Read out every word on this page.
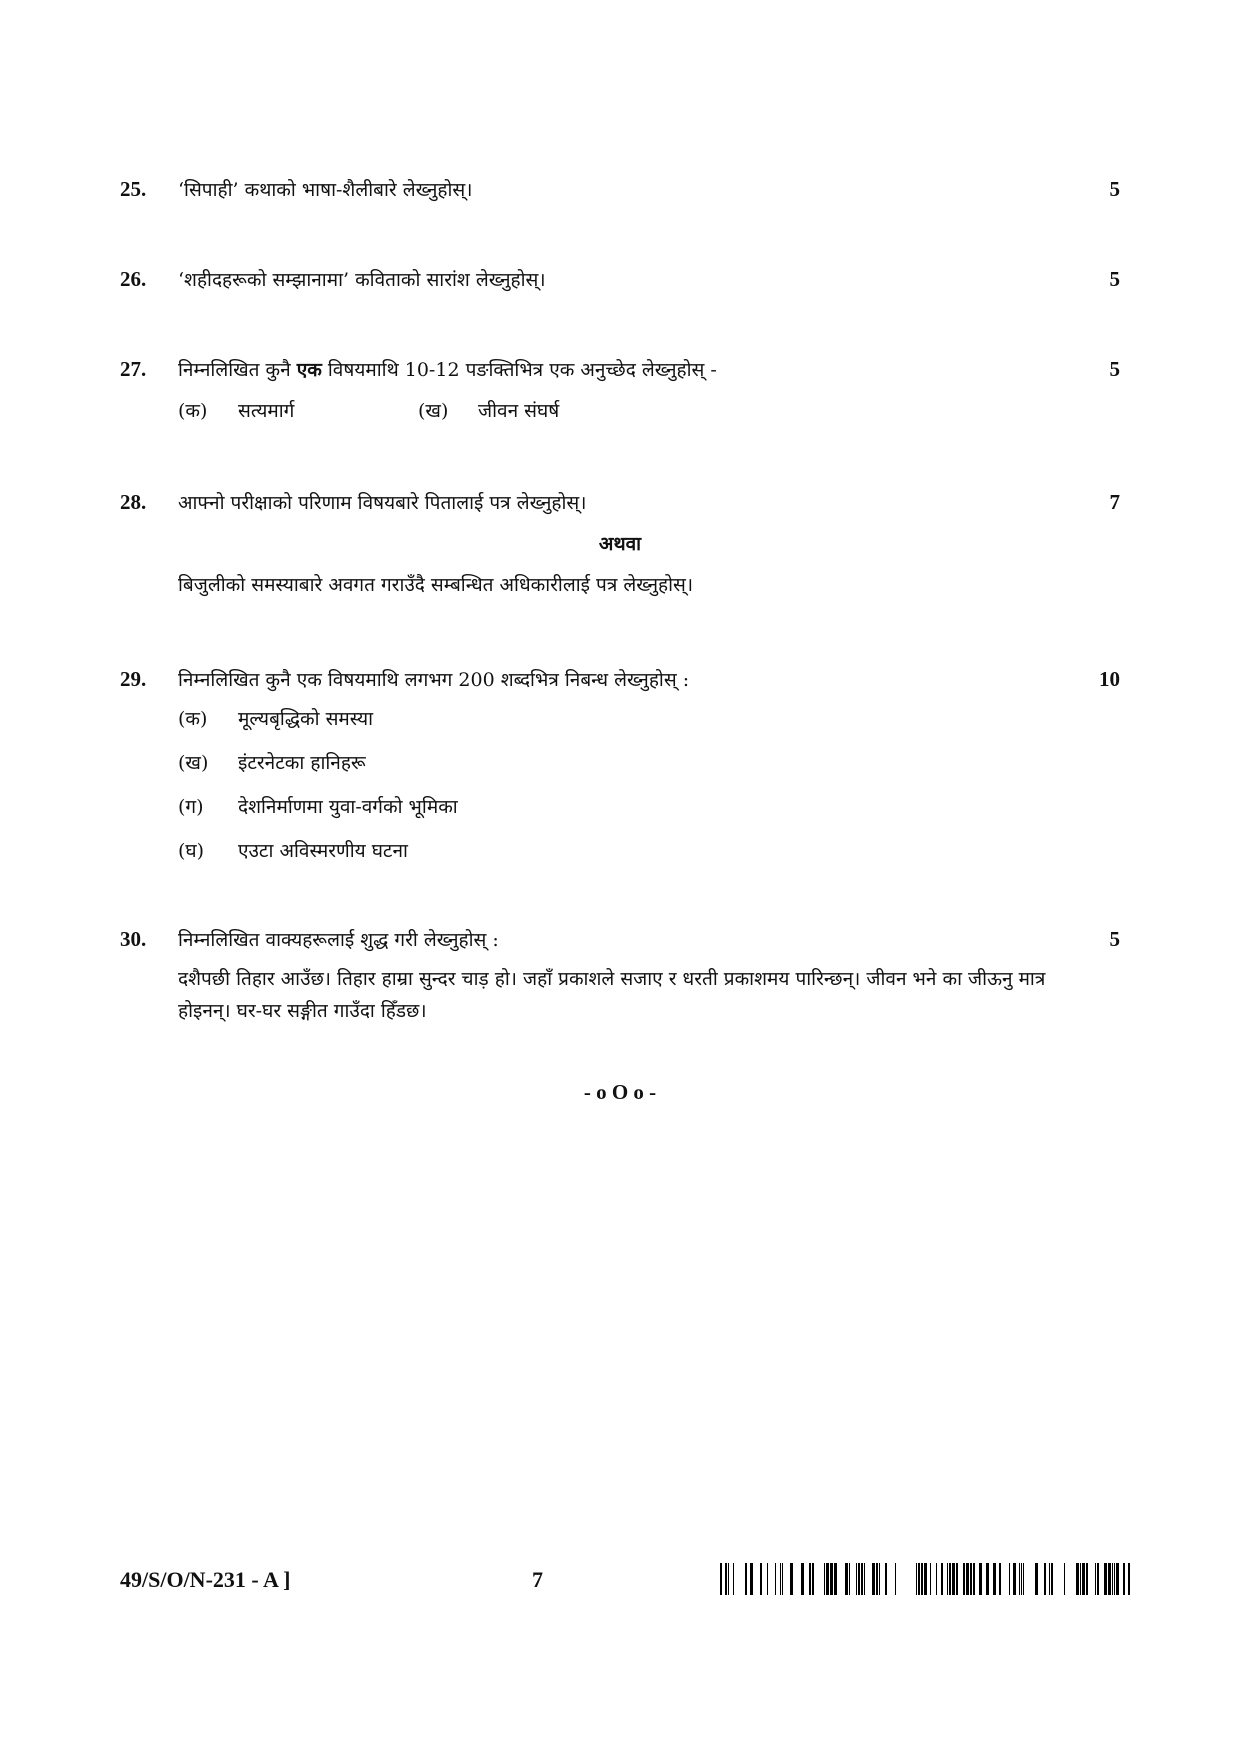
25.	‘सिपाही’ कथाको भाषा-शैलीबारे लेख्नुहोस्।	5
26.	‘शहीदहरूको सम्झानामा’ कविताको सारांश लेख्नुहोस्।	5
27.	निम्नलिखित कुनै एक विषयमाथि 10-12 पङक्तिभित्र एक अनुच्छेद लेख्नुहोस् -	5
(क)	सत्यमार्ग	(ख)	जीवन संघर्ष
28.	आफ्नो परीक्षाको परिणाम विषयबारे पितालाई पत्र लेख्नुहोस्।	7
अथवा
बिजुलीको समस्याबारे अवगत गराउँदै सम्बन्धित अधिकारीलाई पत्र लेख्नुहोस्।
29.	निम्नलिखित कुनै एक विषयमाथि लगभग 200 शब्दभित्र निबन्ध लेख्नुहोस् :	10
(क)	मूल्यबृद्धिको समस्या
(ख)	इंटरनेटका हानिहरू
(ग)	देशनिर्माणमा युवा-वर्गको भूमिका
(घ)	एउटा अविस्मरणीय घटना
30.	निम्नलिखित वाक्यहरूलाई शुद्ध गरी लेख्नुहोस् :	5
दशैपछी तिहार आउँछ। तिहार हाम्रा सुन्दर चाड़ हो। जहाँ प्रकाशले सजाए र धरती प्रकाशमय पारिन्छन्। जीवन भने का जीऊनु मात्र होइनन्। घर-घर सङ्गीत गाउँदा हिँडछ।
- o O o -
49/S/O/N-231 - A ]	7
